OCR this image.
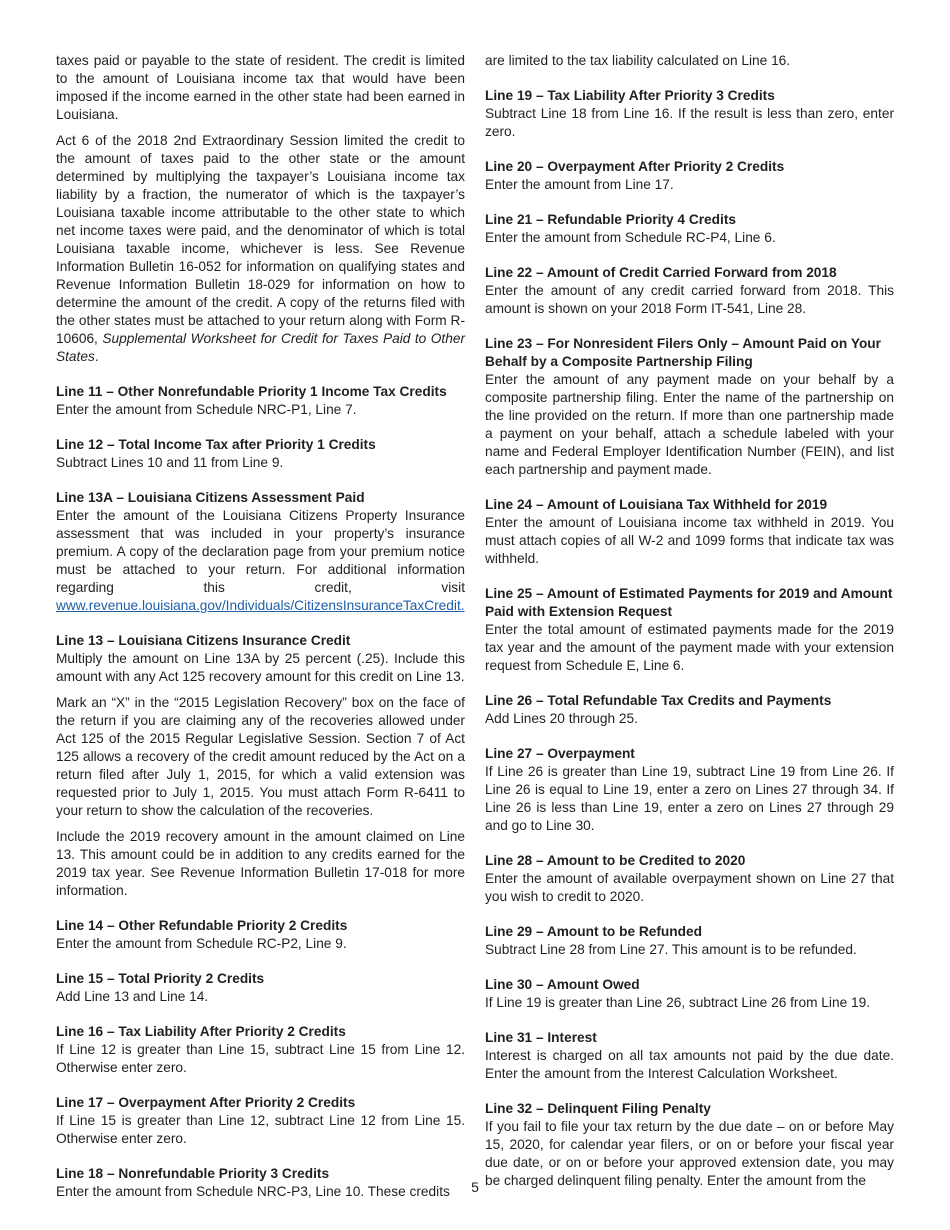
taxes paid or payable to the state of resident. The credit is limited to the amount of Louisiana income tax that would have been imposed if the income earned in the other state had been earned in Louisiana.

Act 6 of the 2018 2nd Extraordinary Session limited the credit to the amount of taxes paid to the other state or the amount determined by multiplying the taxpayer’s Louisiana income tax liability by a fraction, the numerator of which is the taxpayer’s Louisiana taxable income attributable to the other state to which net income taxes were paid, and the denominator of which is total Louisiana taxable income, whichever is less. See Revenue Information Bulletin 16-052 for information on qualifying states and Revenue Information Bulletin 18-029 for information on how to determine the amount of the credit. A copy of the returns filed with the other states must be attached to your return along with Form R-10606, Supplemental Worksheet for Credit for Taxes Paid to Other States.

Line 11 – Other Nonrefundable Priority 1 Income Tax Credits

Enter the amount from Schedule NRC-P1, Line 7.

Line 12 – Total Income Tax after Priority 1 Credits

Subtract Lines 10 and 11 from Line 9.

Line 13A – Louisiana Citizens Assessment Paid

Enter the amount of the Louisiana Citizens Property Insurance assessment that was included in your property’s insurance premium. A copy of the declaration page from your premium notice must be attached to your return. For additional information regarding this credit, visit www.revenue.louisiana.gov/Individuals/CitizensInsuranceTaxCredit.

Line 13 – Louisiana Citizens Insurance Credit

Multiply the amount on Line 13A by 25 percent (.25). Include this amount with any Act 125 recovery amount for this credit on Line 13.

Mark an “X” in the “2015 Legislation Recovery” box on the face of the return if you are claiming any of the recoveries allowed under Act 125 of the 2015 Regular Legislative Session. Section 7 of Act 125 allows a recovery of the credit amount reduced by the Act on a return filed after July 1, 2015, for which a valid extension was requested prior to July 1, 2015. You must attach Form R-6411 to your return to show the calculation of the recoveries.

Include the 2019 recovery amount in the amount claimed on Line 13. This amount could be in addition to any credits earned for the 2019 tax year. See Revenue Information Bulletin 17-018 for more information.

Line 14 – Other Refundable Priority 2 Credits

Enter the amount from Schedule RC-P2, Line 9.

Line 15 – Total Priority 2 Credits

Add Line 13 and Line 14.

Line 16 – Tax Liability After Priority 2 Credits

If Line 12 is greater than Line 15, subtract Line 15 from Line 12. Otherwise enter zero.

Line 17 – Overpayment After Priority 2 Credits

If Line 15 is greater than Line 12, subtract Line 12 from Line 15. Otherwise enter zero.

Line 18 – Nonrefundable Priority 3 Credits

Enter the amount from Schedule NRC-P3, Line 10. These credits

are limited to the tax liability calculated on Line 16.

Line 19 – Tax Liability After Priority 3 Credits

Subtract Line 18 from Line 16. If the result is less than zero, enter zero.

Line 20 – Overpayment After Priority 2 Credits

Enter the amount from Line 17.

Line 21 – Refundable Priority 4 Credits

Enter the amount from Schedule RC-P4, Line 6.

Line 22 – Amount of Credit Carried Forward from 2018

Enter the amount of any credit carried forward from 2018. This amount is shown on your 2018 Form IT-541, Line 28.

Line 23 – For Nonresident Filers Only – Amount Paid on Your Behalf by a Composite Partnership Filing

Enter the amount of any payment made on your behalf by a composite partnership filing. Enter the name of the partnership on the line provided on the return. If more than one partnership made a payment on your behalf, attach a schedule labeled with your name and Federal Employer Identification Number (FEIN), and list each partnership and payment made.

Line 24 – Amount of Louisiana Tax Withheld for 2019

Enter the amount of Louisiana income tax withheld in 2019. You must attach copies of all W-2 and 1099 forms that indicate tax was withheld.

Line 25 – Amount of Estimated Payments for 2019 and Amount Paid with Extension Request

Enter the total amount of estimated payments made for the 2019 tax year and the amount of the payment made with your extension request from Schedule E, Line 6.

Line 26 – Total Refundable Tax Credits and Payments

Add Lines 20 through 25.

Line 27 – Overpayment

If Line 26 is greater than Line 19, subtract Line 19 from Line 26. If Line 26 is equal to Line 19, enter a zero on Lines 27 through 34. If Line 26 is less than Line 19, enter a zero on Lines 27 through 29 and go to Line 30.

Line 28 – Amount to be Credited to 2020

Enter the amount of available overpayment shown on Line 27 that you wish to credit to 2020.

Line 29 – Amount to be Refunded

Subtract Line 28 from Line 27. This amount is to be refunded.

Line 30 – Amount Owed

If Line 19 is greater than Line 26, subtract Line 26 from Line 19.

Line 31 – Interest

Interest is charged on all tax amounts not paid by the due date. Enter the amount from the Interest Calculation Worksheet.

Line 32 – Delinquent Filing Penalty

If you fail to file your tax return by the due date – on or before May 15, 2020, for calendar year filers, or on or before your fiscal year due date, or on or before your approved extension date, you may be charged delinquent filing penalty. Enter the amount from the

5
